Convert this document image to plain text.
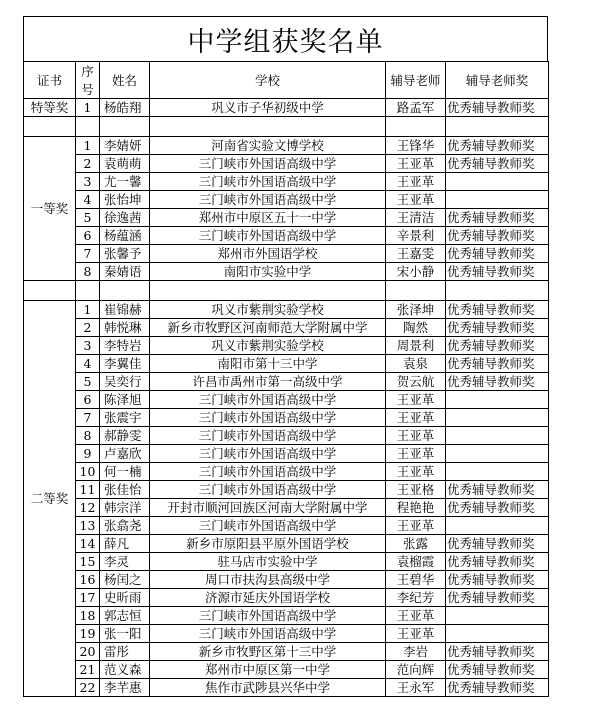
中学组获奖名单
证书	序号	姓名	学校	辅导老师	辅导老师奖
特等奖	1	杨皓翔	巩义市子华初级中学	路孟军	优秀辅导教师奖

一等奖	1	李婧妍	河南省实验文博学校	王锋华	优秀辅导教师奖
	2	袁萌萌	三门峡市外国语高级中学	王亚革	优秀辅导教师奖
	3	尤一馨	三门峡市外国语高级中学	王亚革	
	4	张怡坤	三门峡市外国语高级中学	王亚革	
	5	徐逸茜	郑州市中原区五十一中学	王清洁	优秀辅导教师奖
	6	杨蕴涵	三门峡市外国语高级中学	辛景利	优秀辅导教师奖
	7	张馨予	郑州市外国语学校	王嘉雯	优秀辅导教师奖
	8	秦婧语	南阳市实验中学	宋小静	优秀辅导教师奖

二等奖	1	崔锦赫	巩义市紫荆实验学校	张泽坤	优秀辅导教师奖
	2	韩悦琳	新乡市牧野区河南师范大学附属中学	陶然	优秀辅导教师奖
	3	李特岩	巩义市紫荆实验学校	周景利	优秀辅导教师奖
	4	李翼佳	南阳市第十三中学	袁泉	优秀辅导教师奖
	5	吴奕行	许昌市禹州市第一高级中学	贺云航	优秀辅导教师奖
	6	陈泽旭	三门峡市外国语高级中学	王亚革	
	7	张震宇	三门峡市外国语高级中学	王亚革	
	8	郝静雯	三门峡市外国语高级中学	王亚革	
	9	卢嘉欣	三门峡市外国语高级中学	王亚革	
	10	何一楠	三门峡市外国语高级中学	王亚革	
	11	张佳怡	三门峡市外国语高级中学	王亚格	优秀辅导教师奖
	12	韩宗洋	开封市顺河回族区河南大学附属中学	程艳艳	优秀辅导教师奖
	13	张翕尧	三门峡市外国语高级中学	王亚革	
	14	薛凡	新乡市原阳县平原外国语学校	张露	优秀辅导教师奖
	15	李灵	驻马店市实验中学	袁榴霞	优秀辅导教师奖
	16	杨闰之	周口市扶沟县高级中学	王碧华	优秀辅导教师奖
	17	史昕雨	济源市延庆外国语学校	李纪芳	优秀辅导教师奖
	18	郭志恒	三门峡市外国语高级中学	王亚革	
	19	张一阳	三门峡市外国语高级中学	王亚革	
	20	雷彤	新乡市牧野区第十三中学	李岩	优秀辅导教师奖
	21	范义森	郑州市中原区第一中学	范向辉	优秀辅导教师奖
	22	李芊惠	焦作市武陟县兴华中学	王永军	优秀辅导教师奖
